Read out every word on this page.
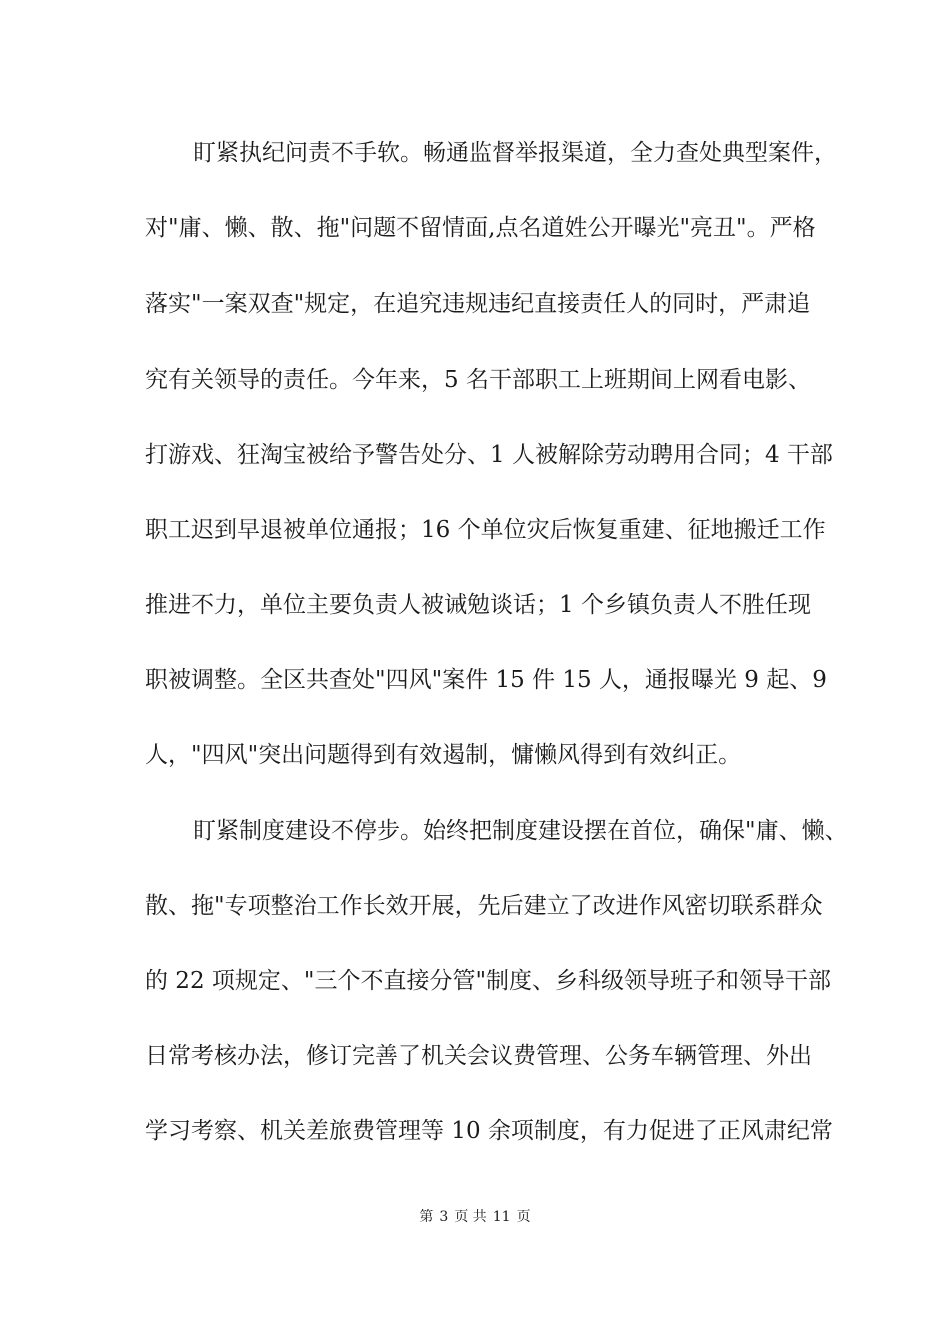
盯紧执纪问责不手软。畅通监督举报渠道，全力查处典型案件，
对"庸、懒、散、拖"问题不留情面,点名道姓公开曝光"亮丑"。严格
落实"一案双查"规定，在追究违规违纪直接责任人的同时，严肃追
究有关领导的责任。今年来，5 名干部职工上班期间上网看电影、
打游戏、狂淘宝被给予警告处分、1 人被解除劳动聘用合同；4 干部
职工迟到早退被单位通报；16 个单位灾后恢复重建、征地搬迁工作
推进不力，单位主要负责人被诫勉谈话；1 个乡镇负责人不胜任现
职被调整。全区共查处"四风"案件 15 件 15 人，通报曝光 9 起、9
人，"四风"突出问题得到有效遏制，慵懒风得到有效纠正。
盯紧制度建设不停步。始终把制度建设摆在首位，确保"庸、懒、
散、拖"专项整治工作长效开展，先后建立了改进作风密切联系群众
的 22 项规定、"三个不直接分管"制度、乡科级领导班子和领导干部
日常考核办法，修订完善了机关会议费管理、公务车辆管理、外出
学习考察、机关差旅费管理等 10 余项制度，有力促进了正风肃纪常
第 3 页 共 11 页
